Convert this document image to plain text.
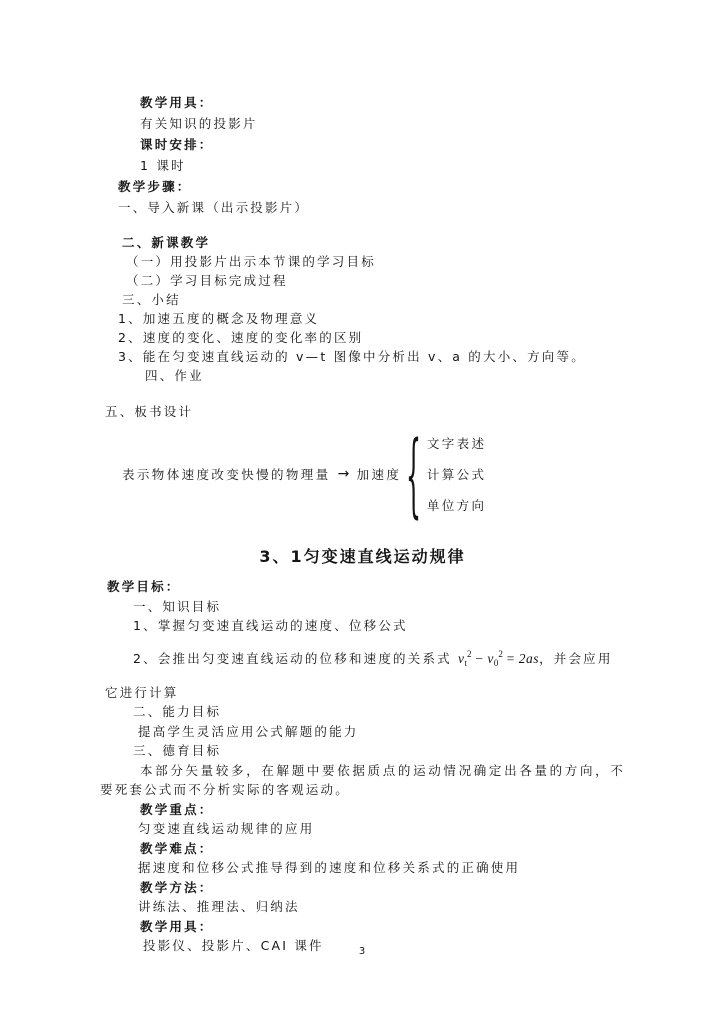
教学用具：
有关知识的投影片
课时安排：
1 课时
教学步骤：
一、导入新课（出示投影片）
二、新课教学
（一）用投影片出示本节课的学习目标
（二）学习目标完成过程
三、小结
1、加速五度的概念及物理意义
2、速度的变化、速度的变化率的区别
3、能在匀变速直线运动的 v—t 图像中分析出 v、a 的大小、方向等。
四、作业
五、板书设计
表示物体速度改变快慢的物理量 → 加速度 { 文字表述
计算公式
单位方向
3、1匀变速直线运动规律
教学目标：
一、知识目标
1、掌握匀变速直线运动的速度、位移公式
2、会推出匀变速直线运动的位移和速度的关系式 $v_t^2 - v_0^2 = 2as$，并会应用
它进行计算
二、能力目标
提高学生灵活应用公式解题的能力
三、德育目标
本部分矢量较多，在解题中要依据质点的运动情况确定出各量的方向，不
要死套公式而不分析实际的客观运动。
教学重点：
匀变速直线运动规律的应用
教学难点：
据速度和位移公式推导得到的速度和位移关系式的正确使用
教学方法：
讲练法、推理法、归纳法
教学用具：
投影仪、投影片、CAI 课件	3
